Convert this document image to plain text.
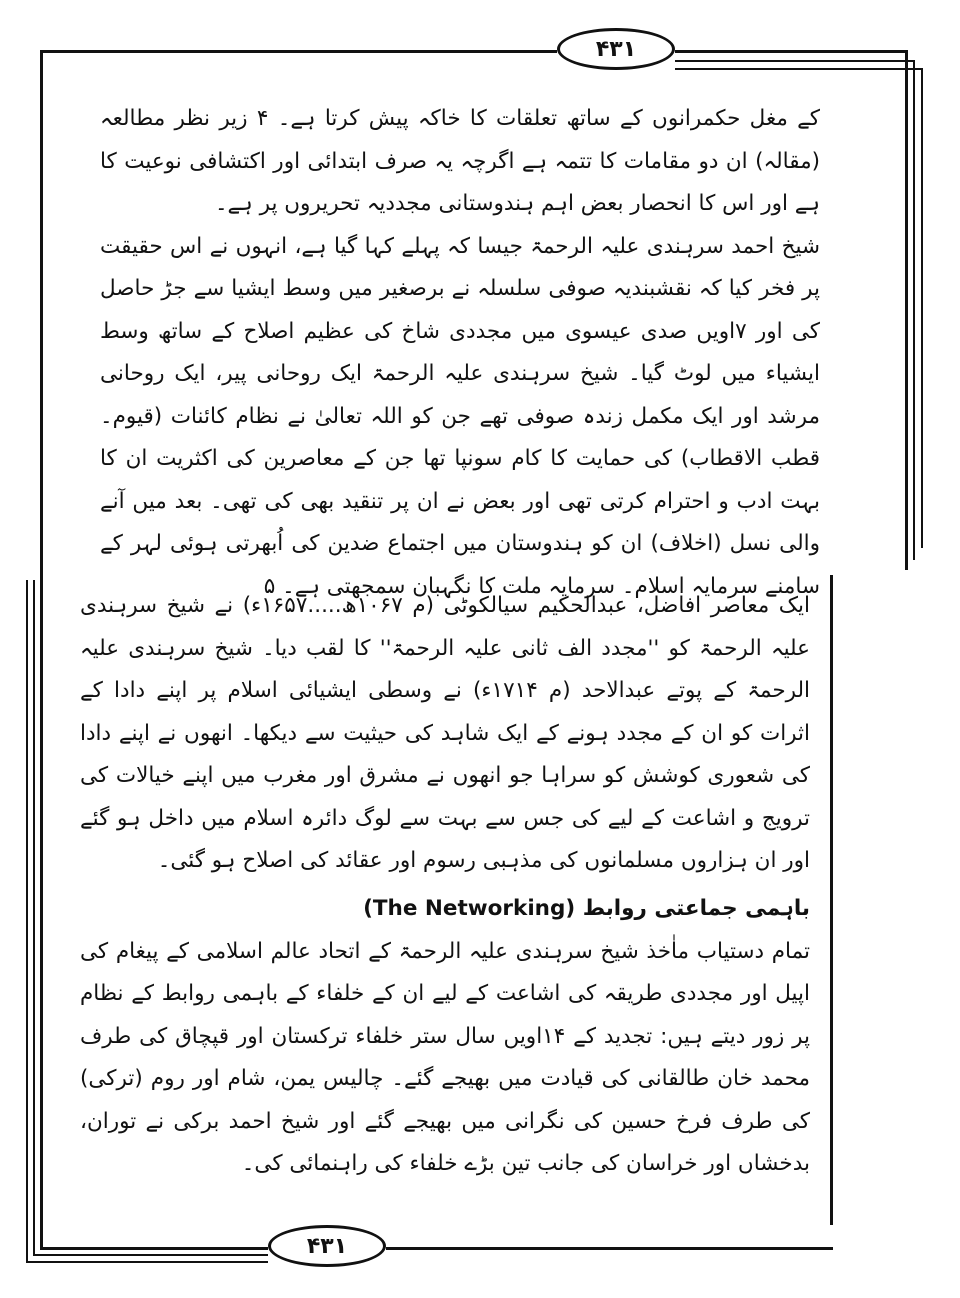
۴۳۱
۴۳۱

کے مغل حکمرانوں کے ساتھ تعلقات کا خاکہ پیش کرتا ہے۔ ۴ زیر نظر مطالعہ (مقالہ) ان دو مقامات کا تتمہ ہے اگرچہ یہ صرف ابتدائی اور اکتشافی نوعیت کا ہے اور اس کا انحصار بعض اہم ہندوستانی مجددیہ تحریروں پر ہے۔

شیخ احمد سرہندی علیہ الرحمۃ جیسا کہ پہلے کہا گیا ہے، انہوں نے اس حقیقت پر فخر کیا کہ نقشبندیہ صوفی سلسلہ نے برصغیر میں وسط ایشیا سے جڑ حاصل کی اور ۷اویں صدی عیسوی میں مجددی شاخ کی عظیم اصلاح کے ساتھ وسط ایشیاء میں لوٹ گیا۔ شیخ سرہندی علیہ الرحمۃ ایک روحانی پیر، ایک روحانی مرشد اور ایک مکمل زندہ صوفی تھے جن کو اللہ تعالیٰ نے نظام کائنات (قیوم۔قطب الاقطاب) کی حمایت کا کام سونپا تھا جن کے معاصرین کی اکثریت ان کا بہت ادب و احترام کرتی تھی اور بعض نے ان پر تنقید بھی کی تھی۔ بعد میں آنے والی نسل (اخلاف) ان کو ہندوستان میں اجتماع ضدین کی اُبھرتی ہوئی لہر کے سامنے سرمایہ اسلام۔ سرمایہ ملت کا نگہبان سمجھتی ہے۔ ۵

ایک معاصر افاضل، عبدالحکیم سیالکوٹی (م ۱۰۶۷ھ.....۱۶۵۷ء) نے شیخ سرہندی علیہ الرحمۃ کو ''مجدد الف ثانی علیہ الرحمۃ'' کا لقب دیا۔ شیخ سرہندی علیہ الرحمۃ کے پوتے عبدالاحد (م ۱۷۱۴ء) نے وسطی ایشیائی اسلام پر اپنے دادا کے اثرات کو ان کے مجدد ہونے کے ایک شاہد کی حیثیت سے دیکھا۔ انھوں نے اپنے دادا کی شعوری کوشش کو سراہا جو انھوں نے مشرق اور مغرب میں اپنے خیالات کی ترویج و اشاعت کے لیے کی جس سے بہت سے لوگ دائرہ اسلام میں داخل ہو گئے اور ان ہزاروں مسلمانوں کی مذہبی رسوم اور عقائد کی اصلاح ہو گئی۔

باہمی جماعتی روابط (The Networking)

تمام دستیاب ماٰخذ شیخ سرہندی علیہ الرحمۃ کے اتحاد عالم اسلامی کے پیغام کی اپیل اور مجددی طریقہ کی اشاعت کے لیے ان کے خلفاء کے باہمی روابط کے نظام پر زور دیتے ہیں: تجدید کے ۱۴اویں سال ستر خلفاء ترکستان اور قپچاق کی طرف محمد خان طالقانی کی قیادت میں بھیجے گئے۔ چالیس یمن، شام اور روم (ترکی) کی طرف فرخ حسین کی نگرانی میں بھیجے گئے اور شیخ احمد برکی نے توران، بدخشاں اور خراسان کی جانب تین بڑے خلفاء کی راہنمائی کی۔
